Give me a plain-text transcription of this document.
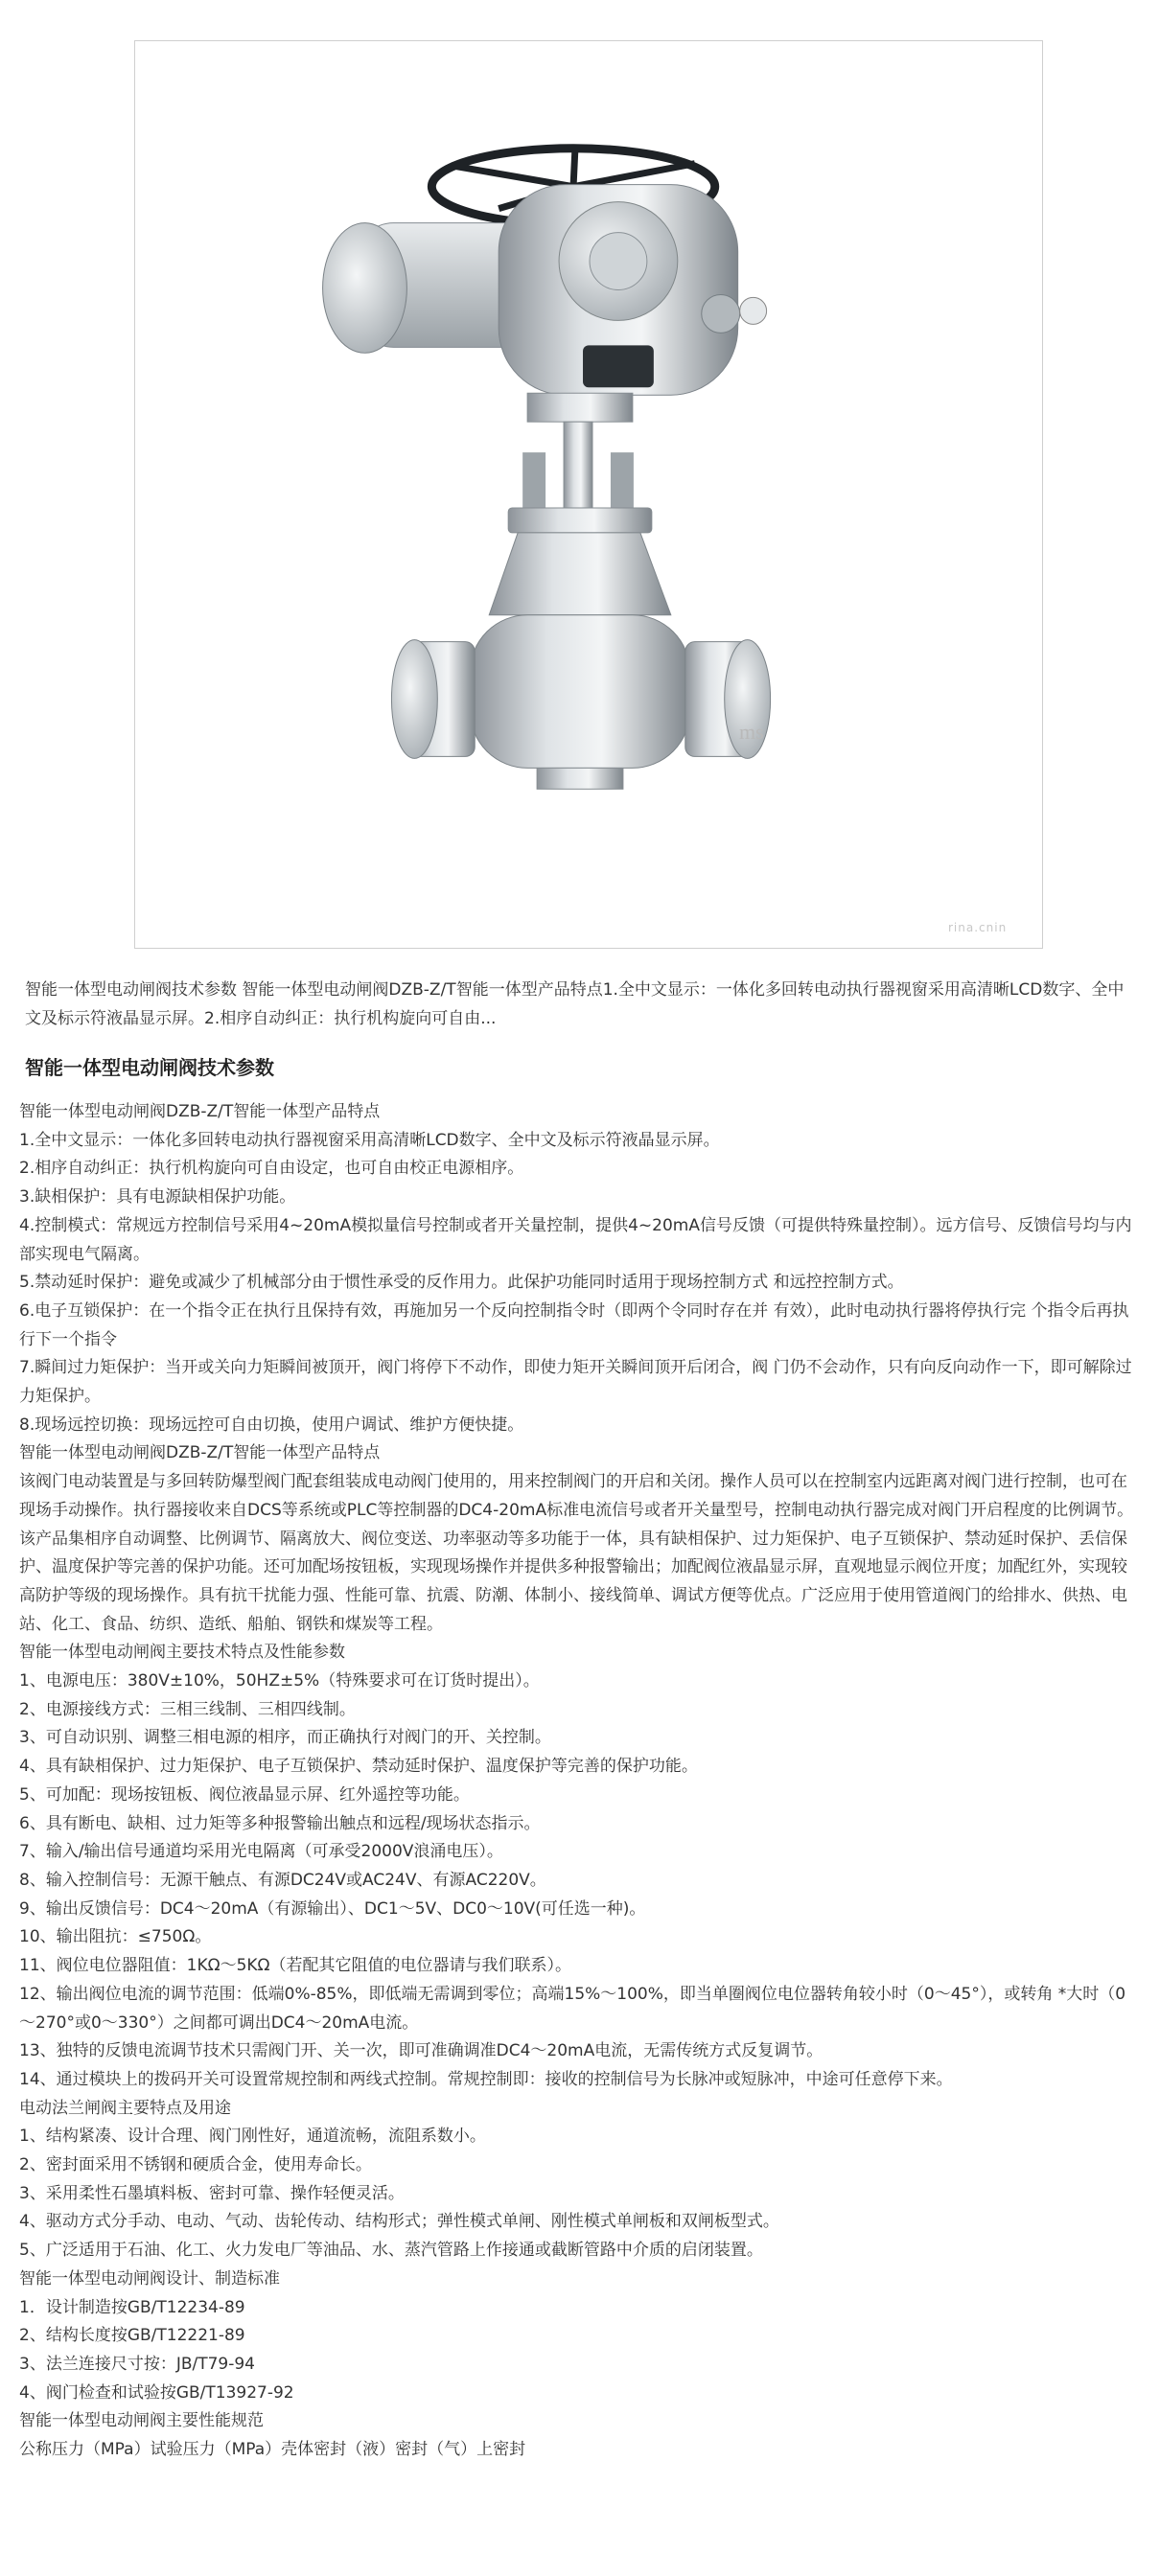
ms
rina.cnin
智能一体型电动闸阀技术参数 智能一体型电动闸阀DZB-Z/T智能一体型产品特点1.全中文显示：一体化多回转电动执行器视窗采用高清晰LCD数字、全中文及标示符液晶显示屏。2.相序自动纠正：执行机构旋向可自由...
智能一体型电动闸阀技术参数

智能一体型电动闸阀DZB-Z/T智能一体型产品特点

1.全中文显示：一体化多回转电动执行器视窗采用高清晰LCD数字、全中文及标示符液晶显示屏。

2.相序自动纠正：执行机构旋向可自由设定，也可自由校正电源相序。

3.缺相保护：具有电源缺相保护功能。

4.控制模式：常规远方控制信号采用4~20mA模拟量信号控制或者开关量控制，提供4~20mA信号反馈（可提供特殊量控制）。远方信号、反馈信号均与内部实现电气隔离。

5.禁动延时保护：避免或减少了机械部分由于惯性承受的反作用力。此保护功能同时适用于现场控制方式 和远控控制方式。

6.电子互锁保护：在一个指令正在执行且保持有效，再施加另一个反向控制指令时（即两个令同时存在并 有效），此时电动执行器将停执行完 个指令后再执行下一个指令

7.瞬间过力矩保护：当开或关向力矩瞬间被顶开，阀门将停下不动作，即使力矩开关瞬间顶开后闭合，阀 门仍不会动作，只有向反向动作一下，即可解除过力矩保护。

8.现场远控切换：现场远控可自由切换，使用户调试、维护方便快捷。

智能一体型电动闸阀DZB-Z/T智能一体型产品特点

该阀门电动装置是与多回转防爆型阀门配套组装成电动阀门使用的，用来控制阀门的开启和关闭。操作人员可以在控制室内远距离对阀门进行控制，也可在现场手动操作。执行器接收来自DCS等系统或PLC等控制器的DC4-20mA标准电流信号或者开关量型号，控制电动执行器完成对阀门开启程度的比例调节。该产品集相序自动调整、比例调节、隔离放大、阀位变送、功率驱动等多功能于一体，具有缺相保护、过力矩保护、电子互锁保护、禁动延时保护、丢信保护、温度保护等完善的保护功能。还可加配场按钮板，实现现场操作并提供多种报警输出；加配阀位液晶显示屏，直观地显示阀位开度；加配红外，实现较高防护等级的现场操作。具有抗干扰能力强、性能可靠、抗震、防潮、体制小、接线简单、调试方便等优点。广泛应用于使用管道阀门的给排水、供热、电站、化工、食品、纺织、造纸、船舶、钢铁和煤炭等工程。

智能一体型电动闸阀主要技术特点及性能参数

1、电源电压：380V±10%，50HZ±5%（特殊要求可在订货时提出）。

2、电源接线方式：三相三线制、三相四线制。

3、可自动识别、调整三相电源的相序，而正确执行对阀门的开、关控制。

4、具有缺相保护、过力矩保护、电子互锁保护、禁动延时保护、温度保护等完善的保护功能。

5、可加配：现场按钮板、阀位液晶显示屏、红外遥控等功能。

6、具有断电、缺相、过力矩等多种报警输出触点和远程/现场状态指示。

7、输入/输出信号通道均采用光电隔离（可承受2000V浪涌电压）。

8、输入控制信号：无源干触点、有源DC24V或AC24V、有源AC220V。

9、输出反馈信号：DC4～20mA（有源输出）、DC1～5V、DC0～10V(可任选一种)。

10、输出阻抗：≤750Ω。

11、阀位电位器阻值：1KΩ～5KΩ（若配其它阻值的电位器请与我们联系）。

12、输出阀位电流的调节范围：低端0%-85%，即低端无需调到零位；高端15%～100%，即当单圈阀位电位器转角较小时（0～45°），或转角 *大时（0～270°或0～330°）之间都可调出DC4～20mA电流。

13、独特的反馈电流调节技术只需阀门开、关一次，即可准确调准DC4～20mA电流，无需传统方式反复调节。

14、通过模块上的拨码开关可设置常规控制和两线式控制。常规控制即：接收的控制信号为长脉冲或短脉冲，中途可任意停下来。

电动法兰闸阀主要特点及用途

1、结构紧凑、设计合理、阀门刚性好，通道流畅，流阻系数小。

2、密封面采用不锈钢和硬质合金，使用寿命长。

3、采用柔性石墨填料板、密封可靠、操作轻便灵活。

4、驱动方式分手动、电动、气动、齿轮传动、结构形式；弹性模式单闸、刚性模式单闸板和双闸板型式。

5、广泛适用于石油、化工、火力发电厂等油品、水、蒸汽管路上作接通或截断管路中介质的启闭装置。

智能一体型电动闸阀设计、制造标准

1．设计制造按GB/T12234-89

2、结构长度按GB/T12221-89

3、法兰连接尺寸按：JB/T79-94

4、阀门检查和试验按GB/T13927-92

智能一体型电动闸阀主要性能规范

公称压力（MPa）试验压力（MPa）壳体密封（液）密封（气）上密封
